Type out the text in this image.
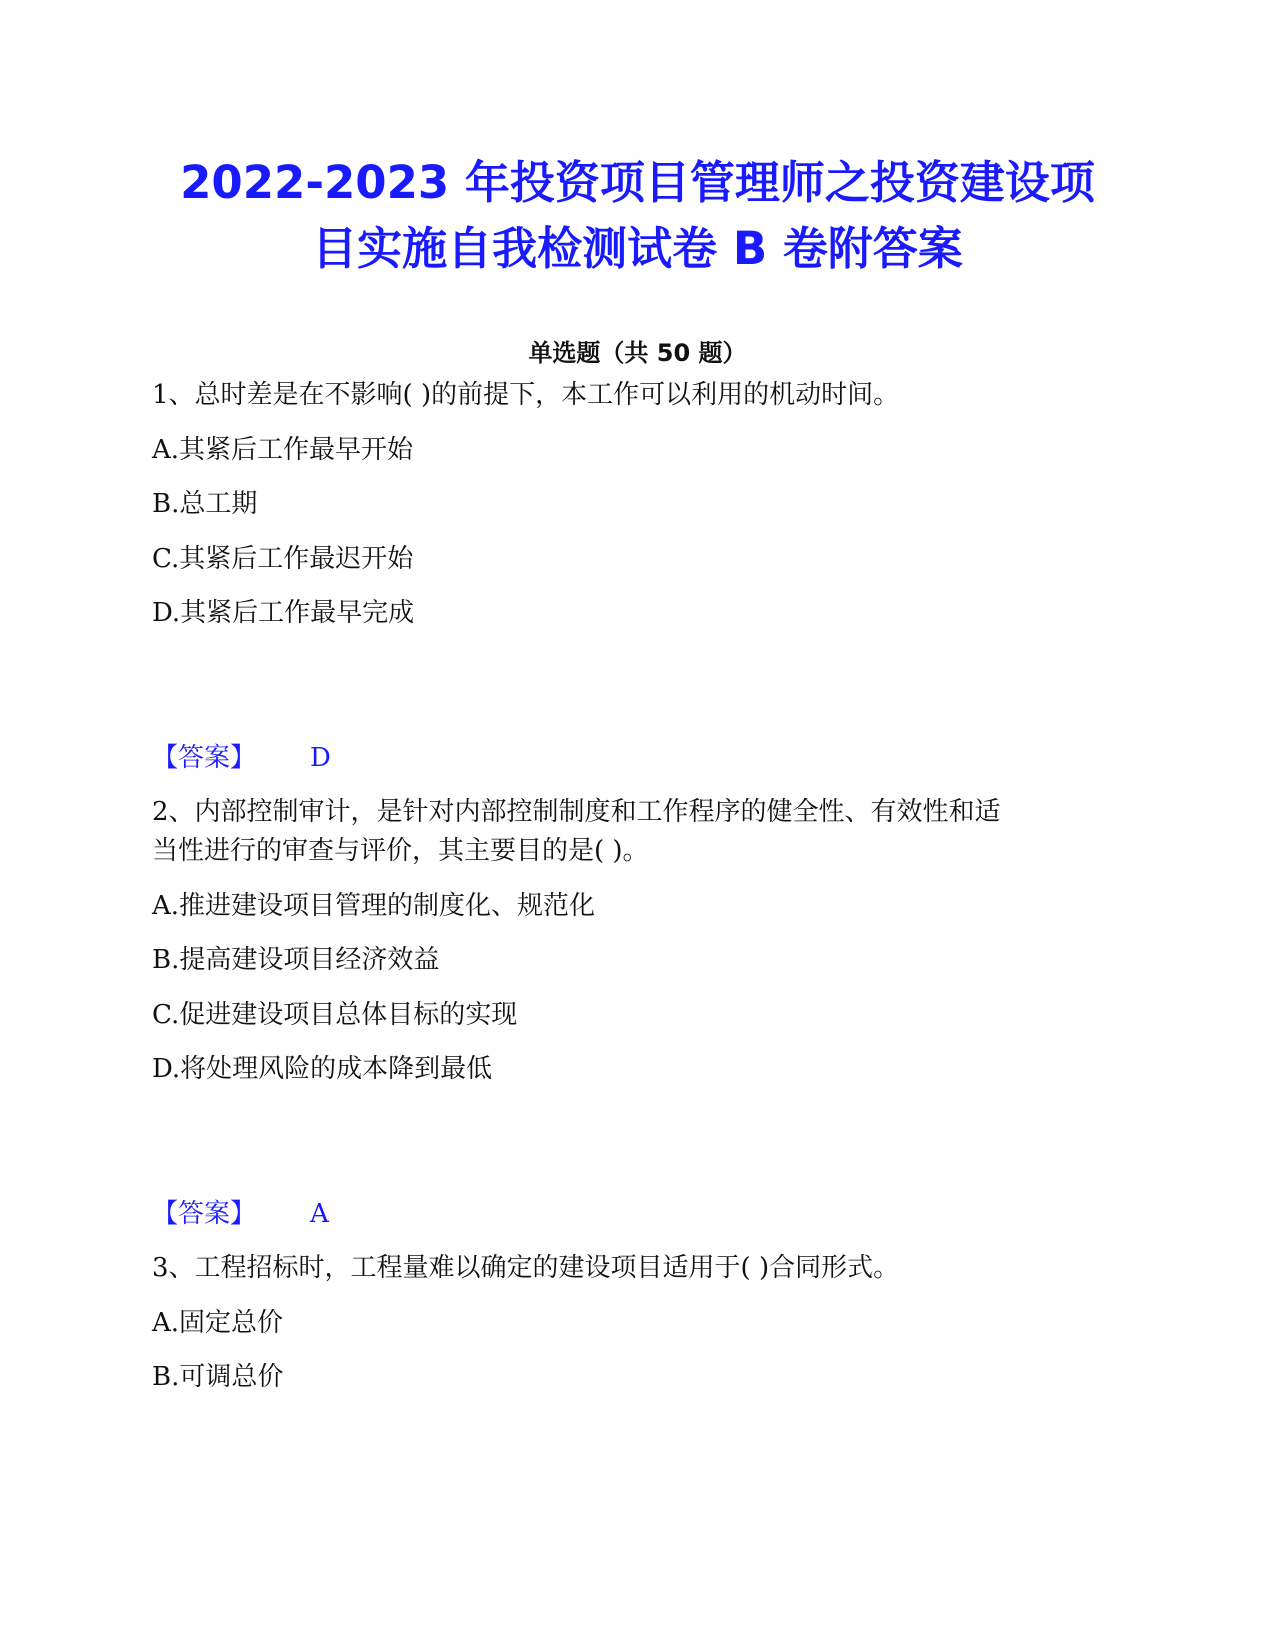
2022-2023 年投资项目管理师之投资建设项
目实施自我检测试卷 B 卷附答案
单选题（共 50 题）
1、总时差是在不影响( )的前提下，本工作可以利用的机动时间。
A.其紧后工作最早开始
B.总工期
C.其紧后工作最迟开始
D.其紧后工作最早完成
【答案】 D
2、内部控制审计，是针对内部控制制度和工作程序的健全性、有效性和适
当性进行的审查与评价，其主要目的是( )。
A.推进建设项目管理的制度化、规范化
B.提高建设项目经济效益
C.促进建设项目总体目标的实现
D.将处理风险的成本降到最低
【答案】 A
3、工程招标时，工程量难以确定的建设项目适用于( )合同形式。
A.固定总价
B.可调总价
